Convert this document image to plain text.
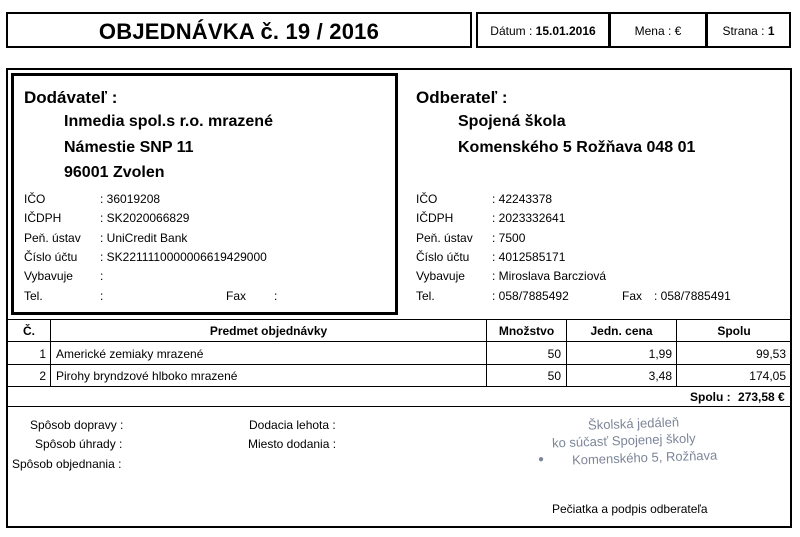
OBJEDNÁVKA č. 19 / 2016	Dátum : 15.01.2016	Mena : €	Strana : 1
Dodávateľ :
Inmedia spol.s r.o. mrazené
Námestie SNP 11
96001 Zvolen
IČO	: 36019208
IČDPH	: SK2020066829
Peň. ústav : UniCredit Bank
Číslo účtu : SK2211110000006619429000
Vybavuje :
Tel.	:	Fax :
Odberateľ :
Spojená škola
Komenského 5 Rožňava 048 01
IČO	: 42243378
IČDPH	: 2023332641
Peň. ústav : 7500
Číslo účtu : 4012585171
Vybavuje : Miroslava Barcziová
Tel.	: 058/7885492	Fax : 058/7885491
Č.	Predmet objednávky	Množstvo	Jedn. cena	Spolu
1 Americké zemiaky mrazené	50	1,99	99,53
2 Pirohy bryndzové hlboko mrazené	50	3,48	174,05
Spolu : 273,58 €
Spôsob dopravy :
Spôsob úhrady :
Spôsob objednania :
Dodacia lehota :
Miesto dodania :
Školská jedáleň
ko súčasť Spojenej školy
Komenského 5, Rožňava
●
Pečiatka a podpis odberateľa
